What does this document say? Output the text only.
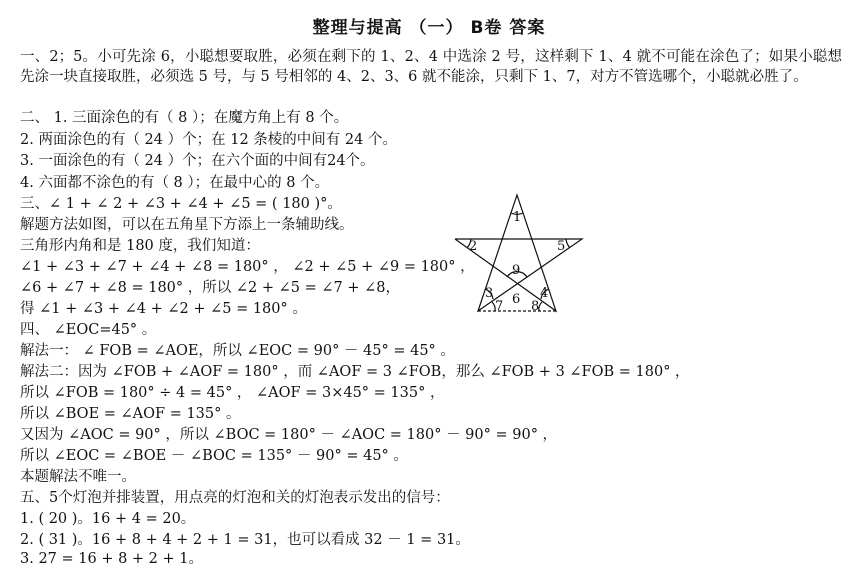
整理与提高 （一） B卷 答案
一、2；5。小可先涂 6，小聪想要取胜，必须在剩下的 1、2、4 中选涂 2 号，这样剩下 1、4 就不可能在涂色了；如果小聪想先涂一块直接取胜，必须选 5 号，与 5 号相邻的 4、2、3、6 就不能涂，只剩下 1、7，对方不管选哪个，小聪就必胜了。
二、 1. 三面涂色的有（ 8 ）；在魔方角上有 8 个。
2. 两面涂色的有（ 24 ）个；在 12 条棱的中间有 24 个。
3. 一面涂色的有（ 24 ）个；在六个面的中间有24个。
4. 六面都不涂色的有（ 8 ）；在最中心的 8 个。
三、∠ 1 + ∠ 2 + ∠3 + ∠4 + ∠5 = ( 180 )°。
解题方法如图，可以在五角星下方添上一条辅助线。
三角形内角和是 180 度，我们知道：
∠1 + ∠3 + ∠7 + ∠4 + ∠8 = 180° ， ∠2 + ∠5 + ∠9 = 180° ，
∠6 + ∠7 + ∠8 = 180° ，所以 ∠2 + ∠5 = ∠7 + ∠8，
得 ∠1 + ∠3 + ∠4 + ∠2 + ∠5 = 180° 。
四、 ∠EOC=45° 。
解法一： ∠ FOB = ∠AOE，所以 ∠EOC = 90° － 45° = 45° 。
解法二：因为 ∠FOB + ∠AOF = 180° ，而 ∠AOF = 3 ∠FOB，那么 ∠FOB + 3 ∠FOB = 180° ，
所以 ∠FOB = 180° ÷ 4 = 45° ， ∠AOF = 3×45° = 135° ，
所以 ∠BOE = ∠AOF = 135° 。
又因为 ∠AOC = 90° ，所以 ∠BOC = 180° － ∠AOC = 180° － 90° = 90° ，
所以 ∠EOC = ∠BOE － ∠BOC = 135° － 90° = 45° 。
本题解法不唯一。
五、5个灯泡并排装置，用点亮的灯泡和关的灯泡表示发出的信号：
1. ( 20 )。16 + 4 = 20。
2. ( 31 )。16 + 8 + 4 + 2 + 1 = 31，也可以看成 32 － 1 = 31。
3. 27 = 16 + 8 + 2 + 1。
1
2	5
9
3 6 4
7 8
